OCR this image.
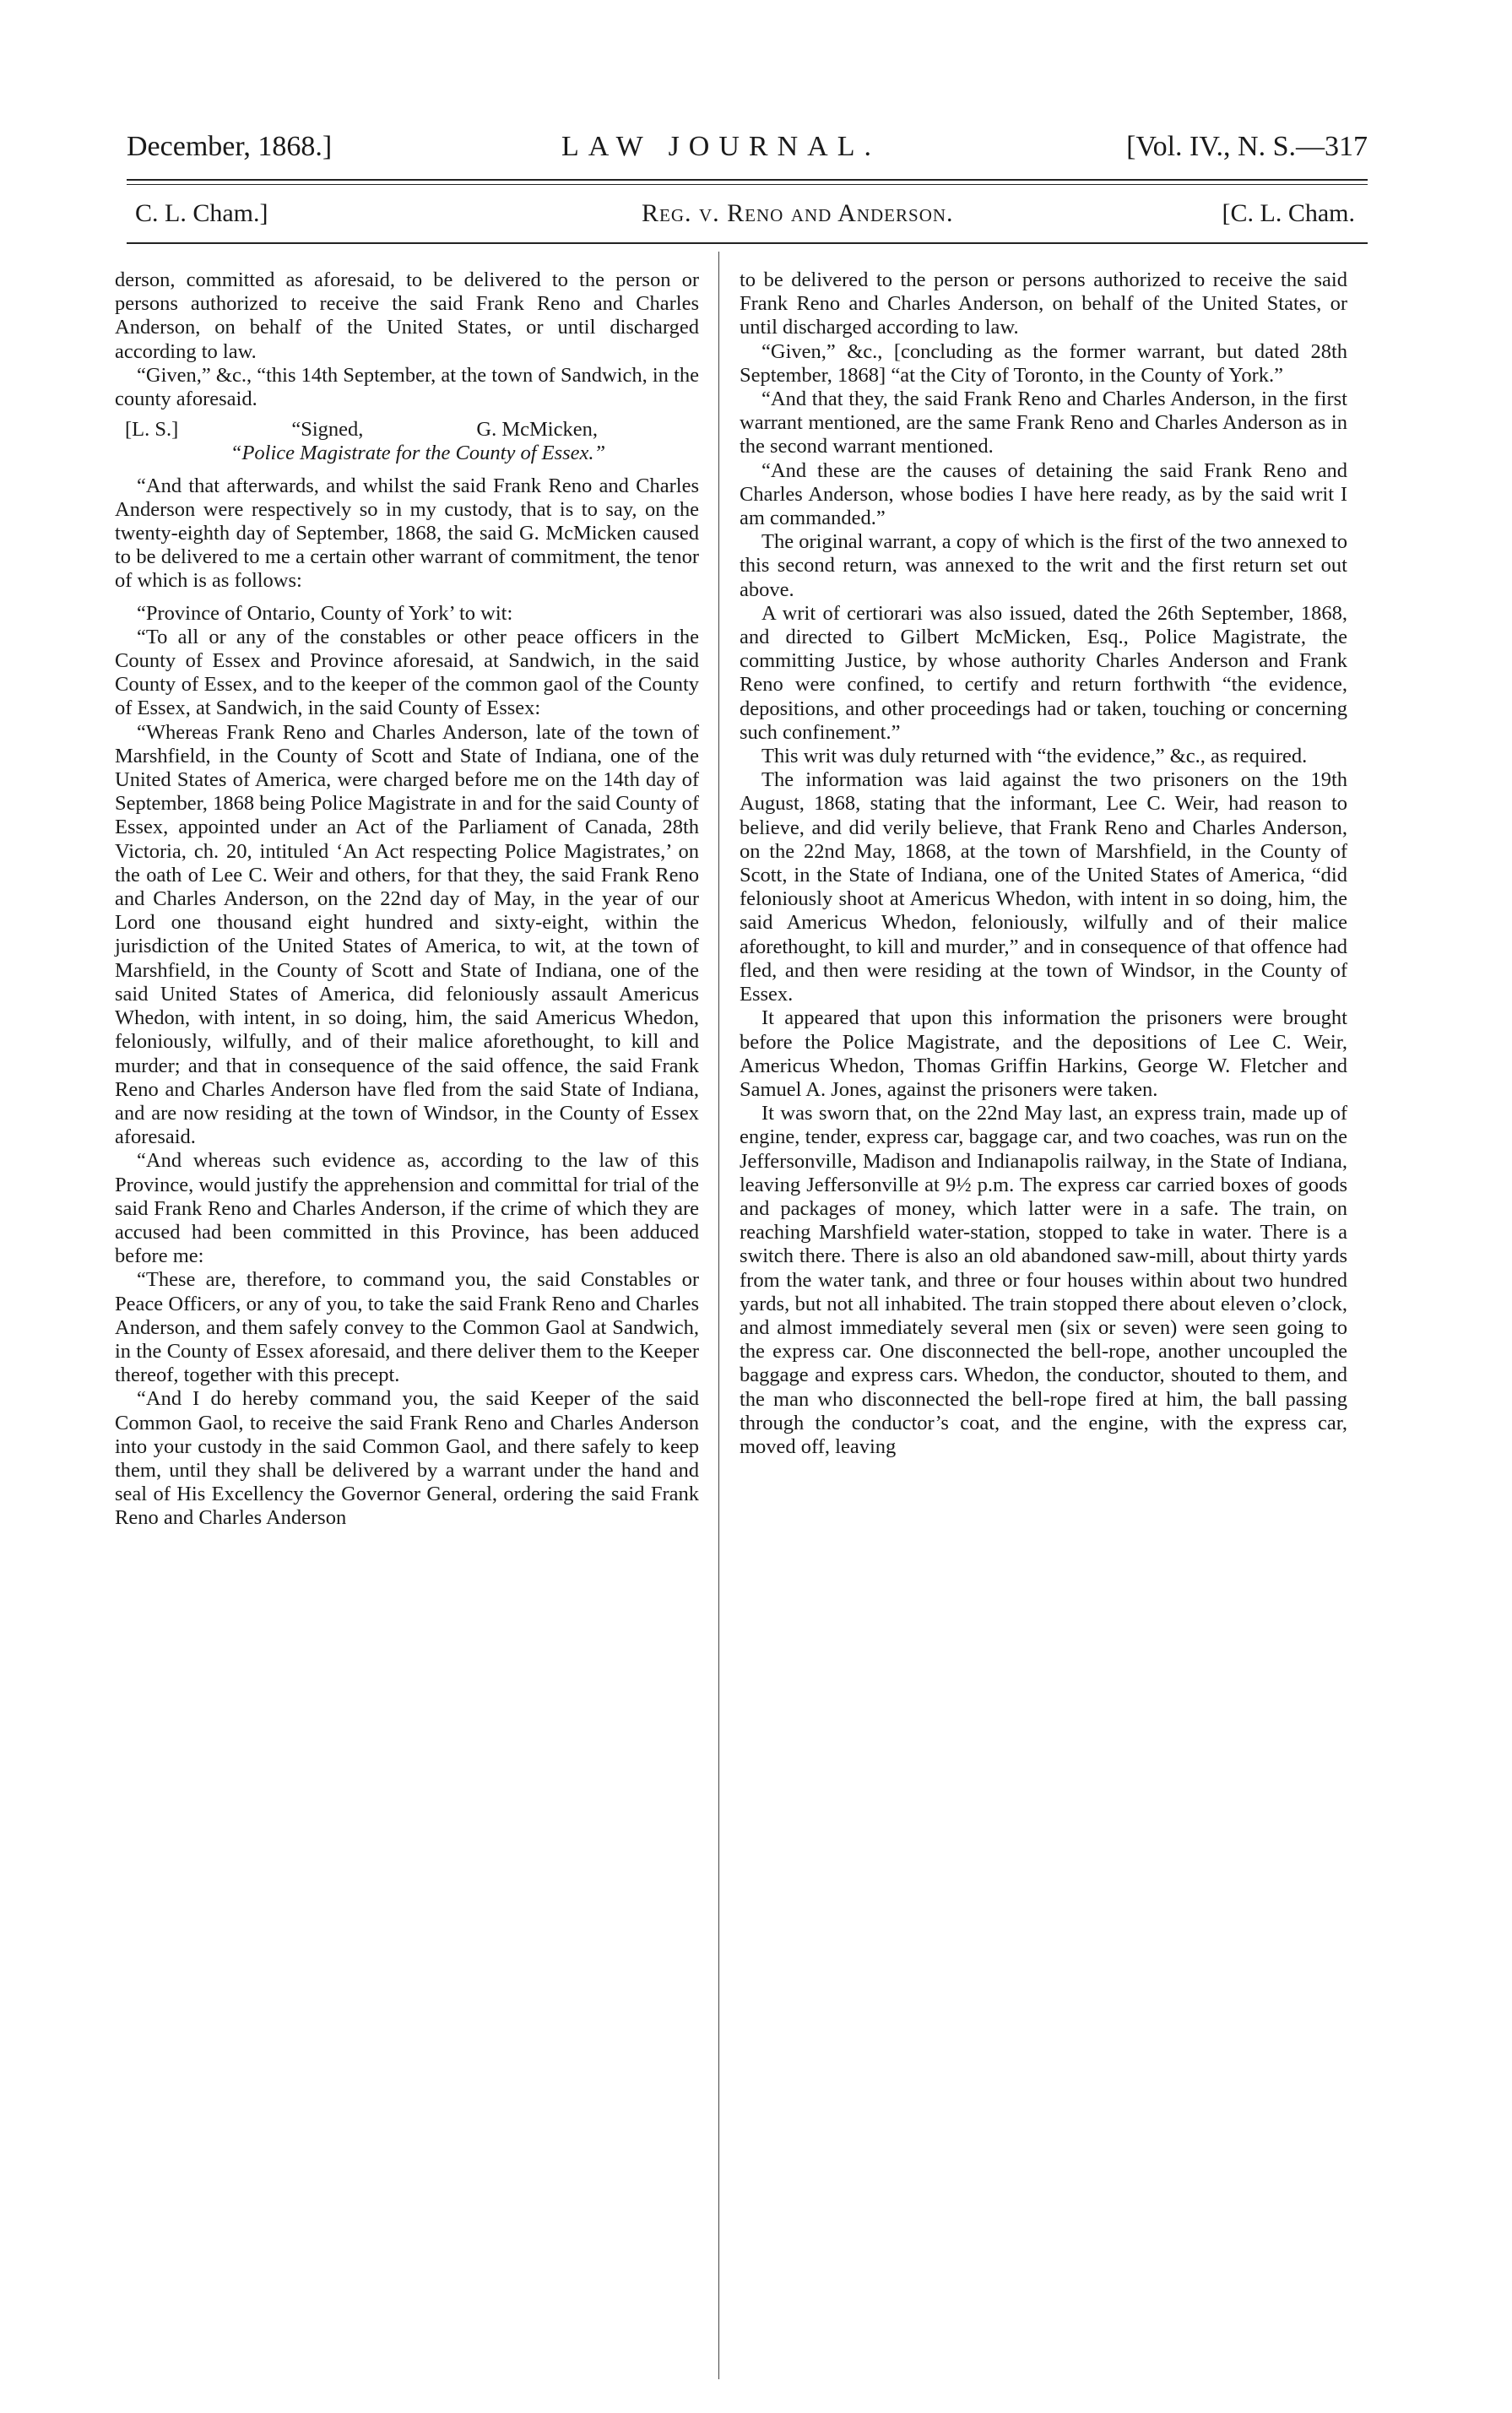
December, 1868.]	LAW JOURNAL.	[Vol. IV., N. S.—317
C. L. Cham.]	Reg. v. Reno and Anderson.	[C. L. Cham.

derson, committed as aforesaid, to be delivered to the person or persons authorized to receive the said Frank Reno and Charles Anderson, on behalf of the United States, or until discharged according to law.

“Given,” &c., “this 14th September, at the town of Sandwich, in the county aforesaid.

[L. S.]	“Signed,	G. McMicken,

“Police Magistrate for the County of Essex.”

“And that afterwards, and whilst the said Frank Reno and Charles Anderson were respectively so in my custody, that is to say, on the twenty-eighth day of September, 1868, the said G. McMicken caused to be delivered to me a certain other warrant of commitment, the tenor of which is as follows:

“Province of Ontario, County of York’ to wit:

“To all or any of the constables or other peace officers in the County of Essex and Province aforesaid, at Sandwich, in the said County of Essex, and to the keeper of the common gaol of the County of Essex, at Sandwich, in the said County of Essex:

“Whereas Frank Reno and Charles Anderson, late of the town of Marshfield, in the County of Scott and State of Indiana, one of the United States of America, were charged before me on the 14th day of September, 1868 being Police Magistrate in and for the said County of Essex, appointed under an Act of the Parliament of Canada, 28th Victoria, ch. 20, intituled ‘An Act respecting Police Magistrates,’ on the oath of Lee C. Weir and others, for that they, the said Frank Reno and Charles Anderson, on the 22nd day of May, in the year of our Lord one thousand eight hundred and sixty-eight, within the jurisdiction of the United States of America, to wit, at the town of Marshfield, in the County of Scott and State of Indiana, one of the said United States of America, did feloniously assault Americus Whedon, with intent, in so doing, him, the said Americus Whedon, feloniously, wilfully, and of their malice aforethought, to kill and murder; and that in consequence of the said offence, the said Frank Reno and Charles Anderson have fled from the said State of Indiana, and are now residing at the town of Windsor, in the County of Essex aforesaid.

“And whereas such evidence as, according to the law of this Province, would justify the apprehension and committal for trial of the said Frank Reno and Charles Anderson, if the crime of which they are accused had been committed in this Province, has been adduced before me:

“These are, therefore, to command you, the said Constables or Peace Officers, or any of you, to take the said Frank Reno and Charles Anderson, and them safely convey to the Common Gaol at Sandwich, in the County of Essex aforesaid, and there deliver them to the Keeper thereof, together with this precept.

“And I do hereby command you, the said Keeper of the said Common Gaol, to receive the said Frank Reno and Charles Anderson into your custody in the said Common Gaol, and there safely to keep them, until they shall be delivered by a warrant under the hand and seal of His Excellency the Governor General, ordering the said Frank Reno and Charles Anderson

to be delivered to the person or persons authorized to receive the said Frank Reno and Charles Anderson, on behalf of the United States, or until discharged according to law.

“Given,” &c., [concluding as the former warrant, but dated 28th September, 1868] “at the City of Toronto, in the County of York.”

“And that they, the said Frank Reno and Charles Anderson, in the first warrant mentioned, are the same Frank Reno and Charles Anderson as in the second warrant mentioned.

“And these are the causes of detaining the said Frank Reno and Charles Anderson, whose bodies I have here ready, as by the said writ I am commanded.”

The original warrant, a copy of which is the first of the two annexed to this second return, was annexed to the writ and the first return set out above.

A writ of certiorari was also issued, dated the 26th September, 1868, and directed to Gilbert McMicken, Esq., Police Magistrate, the committing Justice, by whose authority Charles Anderson and Frank Reno were confined, to certify and return forthwith “the evidence, depositions, and other proceedings had or taken, touching or concerning such confinement.”

This writ was duly returned with “the evidence,” &c., as required.

The information was laid against the two prisoners on the 19th August, 1868, stating that the informant, Lee C. Weir, had reason to believe, and did verily believe, that Frank Reno and Charles Anderson, on the 22nd May, 1868, at the town of Marshfield, in the County of Scott, in the State of Indiana, one of the United States of America, “did feloniously shoot at Americus Whedon, with intent in so doing, him, the said Americus Whedon, feloniously, wilfully and of their malice aforethought, to kill and murder,” and in consequence of that offence had fled, and then were residing at the town of Windsor, in the County of Essex.

It appeared that upon this information the prisoners were brought before the Police Magistrate, and the depositions of Lee C. Weir, Americus Whedon, Thomas Griffin Harkins, George W. Fletcher and Samuel A. Jones, against the prisoners were taken.

It was sworn that, on the 22nd May last, an express train, made up of engine, tender, express car, baggage car, and two coaches, was run on the Jeffersonville, Madison and Indianapolis railway, in the State of Indiana, leaving Jeffersonville at 9½ p.m. The express car carried boxes of goods and packages of money, which latter were in a safe. The train, on reaching Marshfield water-station, stopped to take in water. There is a switch there. There is also an old abandoned saw-mill, about thirty yards from the water tank, and three or four houses within about two hundred yards, but not all inhabited. The train stopped there about eleven o’clock, and almost immediately several men (six or seven) were seen going to the express car. One disconnected the bell-rope, another uncoupled the baggage and express cars. Whedon, the conductor, shouted to them, and the man who disconnected the bell-rope fired at him, the ball passing through the conductor’s coat, and the engine, with the express car, moved off, leaving
